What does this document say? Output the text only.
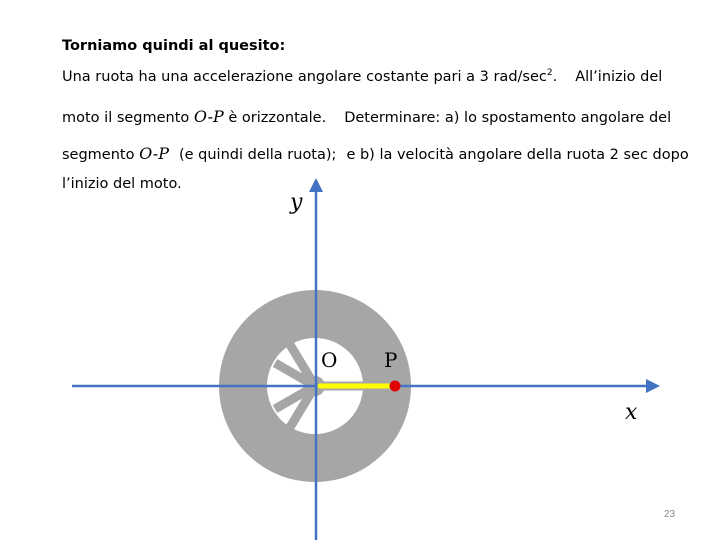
Torniamo quindi al quesito:
Una ruota ha una accelerazione angolare costante pari a 3 rad/$\sec^2$. All’inizio del
moto il segmento O-P è orizzontale. Determinare: a) lo spostamento angolare del
segmento O-P (e quindi della ruota); e b) la velocità angolare della ruota 2 sec dopo
l’inizio del moto.
y
x
O P
23
